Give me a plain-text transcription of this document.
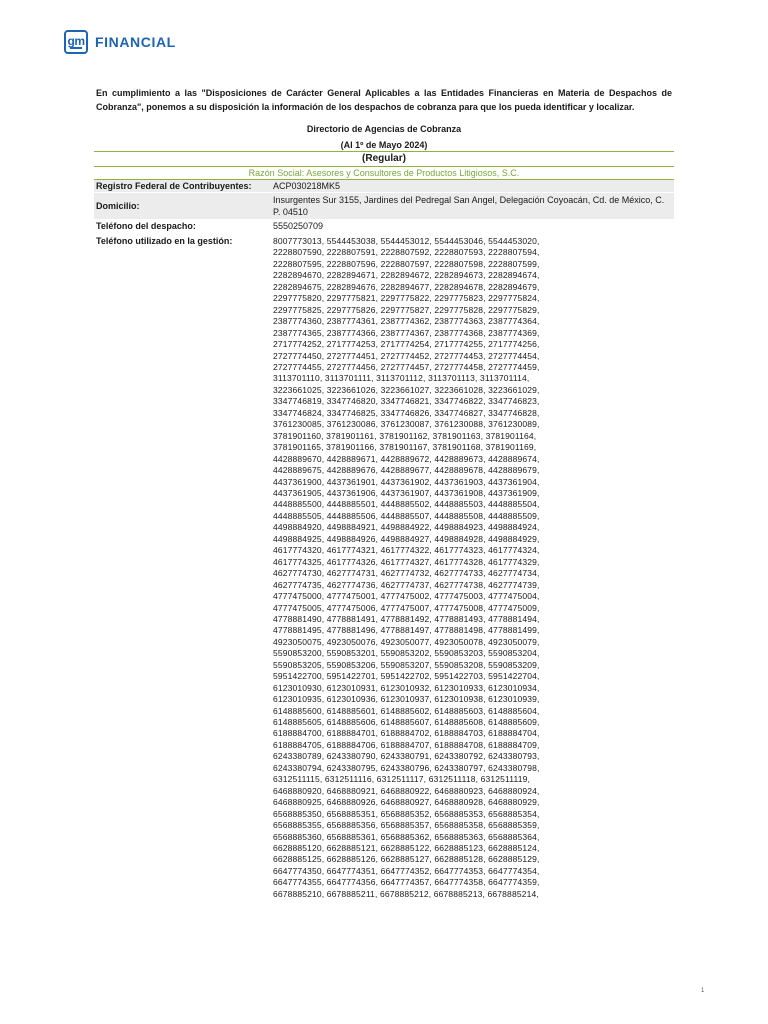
gm FINANCIAL

En cumplimiento a las "Disposiciones de Carácter General Aplicables a las Entidades Financieras en Materia de Despachos de Cobranza", ponemos a su disposición la información de los despachos de cobranza para que los pueda identificar y localizar.

Directorio de Agencias de Cobranza

(Al 1º de Mayo 2024)

(Regular)
Razón Social: Asesores y Consultores de Productos Litigiosos, S.C.
Registro Federal de Contribuyentes:	ACP030218MK5
Domicilio:
Insurgentes Sur 3155, Jardines del Pedregal San Angel, Delegación Coyoacán, Cd. de México, C. P. 04510
Teléfono del despacho:	5550250709
Teléfono utilizado en la gestión:	8007773013, 5544453038, 5544453012, 5544453046, 5544453020,
2228807590, 2228807591, 2228807592, 2228807593, 2228807594,
2228807595, 2228807596, 2228807597, 2228807598, 2228807599,
2282894670, 2282894671, 2282894672, 2282894673, 2282894674,
2282894675, 2282894676, 2282894677, 2282894678, 2282894679,
2297775820, 2297775821, 2297775822, 2297775823, 2297775824,
2297775825, 2297775826, 2297775827, 2297775828, 2297775829,
2387774360, 2387774361, 2387774362, 2387774363, 2387774364,
2387774365, 2387774366, 2387774367, 2387774368, 2387774369,
2717774252, 2717774253, 2717774254, 2717774255, 2717774256,
2727774450, 2727774451, 2727774452, 2727774453, 2727774454,
2727774455, 2727774456, 2727774457, 2727774458, 2727774459,
3113701110, 3113701111, 3113701112, 3113701113, 3113701114,
3223661025, 3223661026, 3223661027, 3223661028, 3223661029,
3347746819, 3347746820, 3347746821, 3347746822, 3347746823,
3347746824, 3347746825, 3347746826, 3347746827, 3347746828,
3761230085, 3761230086, 3761230087, 3761230088, 3761230089,
3781901160, 3781901161, 3781901162, 3781901163, 3781901164,
3781901165, 3781901166, 3781901167, 3781901168, 3781901169,
4428889670, 4428889671, 4428889672, 4428889673, 4428889674,
4428889675, 4428889676, 4428889677, 4428889678, 4428889679,
4437361900, 4437361901, 4437361902, 4437361903, 4437361904,
4437361905, 4437361906, 4437361907, 4437361908, 4437361909,
4448885500, 4448885501, 4448885502, 4448885503, 4448885504,
4448885505, 4448885506, 4448885507, 4448885508, 4448885509,
4498884920, 4498884921, 4498884922, 4498884923, 4498884924,
4498884925, 4498884926, 4498884927, 4498884928, 4498884929,
4617774320, 4617774321, 4617774322, 4617774323, 4617774324,
4617774325, 4617774326, 4617774327, 4617774328, 4617774329,
4627774730, 4627774731, 4627774732, 4627774733, 4627774734,
4627774735, 4627774736, 4627774737, 4627774738, 4627774739,
4777475000, 4777475001, 4777475002, 4777475003, 4777475004,
4777475005, 4777475006, 4777475007, 4777475008, 4777475009,
4778881490, 4778881491, 4778881492, 4778881493, 4778881494,
4778881495, 4778881496, 4778881497, 4778881498, 4778881499,
4923050075, 4923050076, 4923050077, 4923050078, 4923050079,
5590853200, 5590853201, 5590853202, 5590853203, 5590853204,
5590853205, 5590853206, 5590853207, 5590853208, 5590853209,
5951422700, 5951422701, 5951422702, 5951422703, 5951422704,
6123010930, 6123010931, 6123010932, 6123010933, 6123010934,
6123010935, 6123010936, 6123010937, 6123010938, 6123010939,
6148885600, 6148885601, 6148885602, 6148885603, 6148885604,
6148885605, 6148885606, 6148885607, 6148885608, 6148885609,
6188884700, 6188884701, 6188884702, 6188884703, 6188884704,
6188884705, 6188884706, 6188884707, 6188884708, 6188884709,
6243380789, 6243380790, 6243380791, 6243380792, 6243380793,
6243380794, 6243380795, 6243380796, 6243380797, 6243380798,
6312511115, 6312511116, 6312511117, 6312511118, 6312511119,
6468880920, 6468880921, 6468880922, 6468880923, 6468880924,
6468880925, 6468880926, 6468880927, 6468880928, 6468880929,
6568885350, 6568885351, 6568885352, 6568885353, 6568885354,
6568885355, 6568885356, 6568885357, 6568885358, 6568885359,
6568885360, 6568885361, 6568885362, 6568885363, 6568885364,
6628885120, 6628885121, 6628885122, 6628885123, 6628885124,
6628885125, 6628885126, 6628885127, 6628885128, 6628885129,
6647774350, 6647774351, 6647774352, 6647774353, 6647774354,
6647774355, 6647774356, 6647774357, 6647774358, 6647774359,
6678885210, 6678885211, 6678885212, 6678885213, 6678885214,
1
